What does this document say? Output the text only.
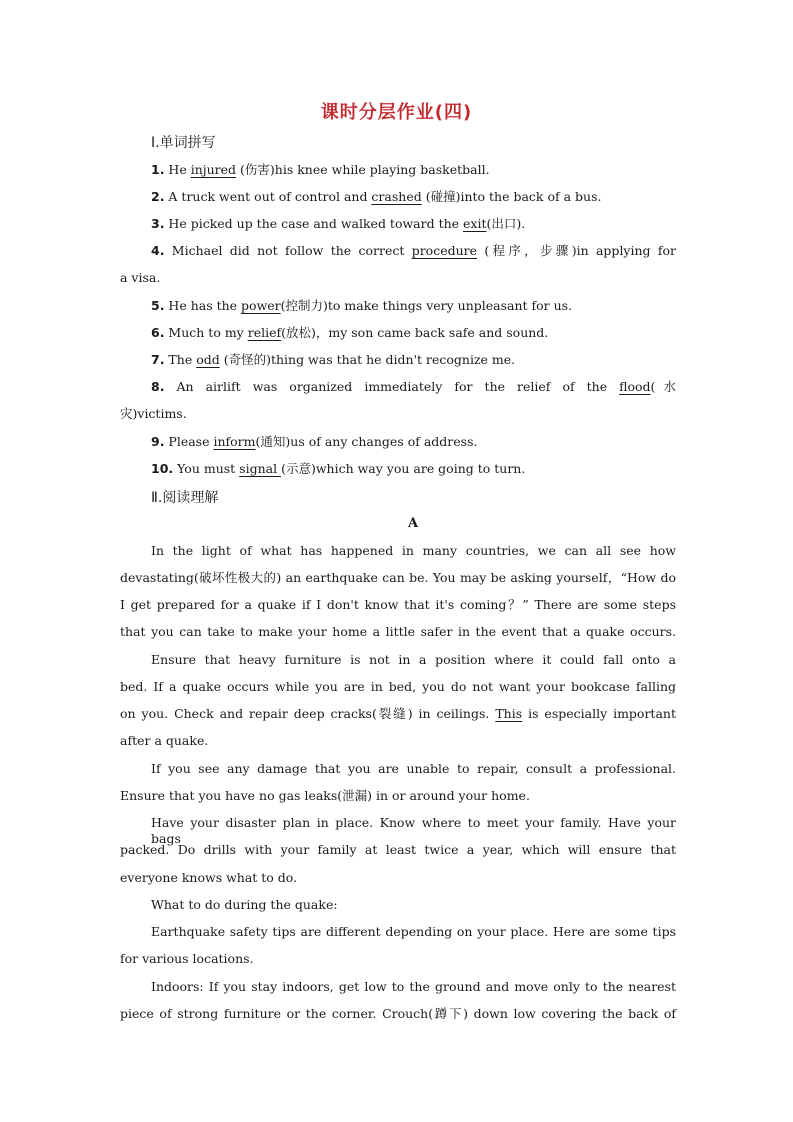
课时分层作业(四)
Ⅰ.单词拼写
1. He injured (伤害)his knee while playing basketball.
2. A truck went out of control and crashed (碰撞)into the back of a bus.
3. He picked up the case and walked toward the exit(出口).
4. Michael did not follow the correct procedure (程序，步骤)in applying for
a visa.
5. He has the power(控制力)to make things very unpleasant for us.
6. Much to my relief(放松)，my son came back safe and sound.
7. The odd (奇怪的)thing was that he didn't recognize me.
8. An airlift was organized immediately for the relief of the flood(水
灾)victims.
9. Please inform(通知)us of any changes of address.
10. You must signal (示意)which way you are going to turn.
Ⅱ.阅读理解
A
In the light of what has happened in many countries, we can all see how
devastating(破坏性极大的) an earthquake can be. You may be asking yourself，“How do
I get prepared for a quake if I don't know that it's coming？” There are some steps
that you can take to make your home a little safer in the event that a quake occurs.
Ensure that heavy furniture is not in a position where it could fall onto a
bed. If a quake occurs while you are in bed, you do not want your bookcase falling
on you. Check and repair deep cracks(裂缝) in ceilings. This is especially important
after a quake.
If you see any damage that you are unable to repair, consult a professional.
Ensure that you have no gas leaks(泄漏) in or around your home.
Have your disaster plan in place. Know where to meet your family. Have your bags
packed. Do drills with your family at least twice a year, which will ensure that
everyone knows what to do.
What to do during the quake:
Earthquake safety tips are different depending on your place. Here are some tips
for various locations.
Indoors: If you stay indoors, get low to the ground and move only to the nearest
piece of strong furniture or the corner. Crouch(蹲下) down low covering the back of
